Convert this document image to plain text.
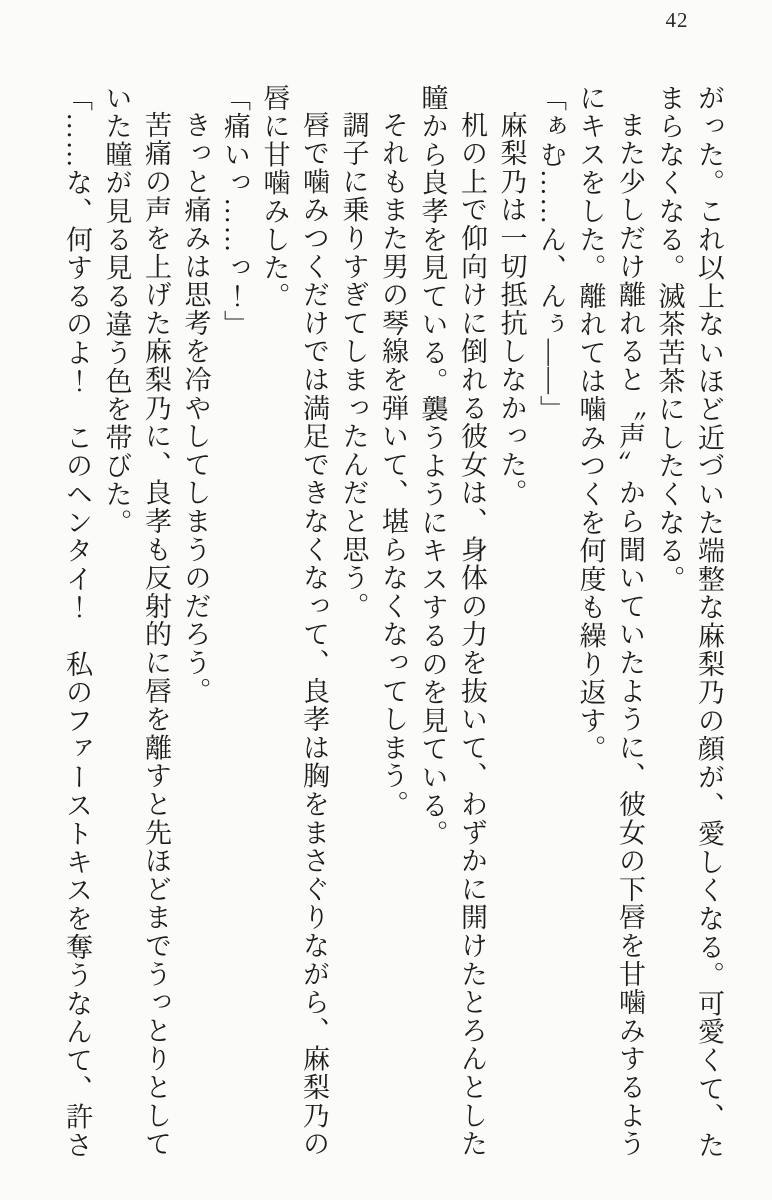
42

がった。これ以上ないほど近づいた端整な麻梨乃の顔が、愛しくなる。可愛くて、たまらなくなる。滅茶苦茶にしたくなる。

また少しだけ離れると〝声〟から聞いていたように、彼女の下唇を甘噛みするようにキスをした。離れては噛みつくを何度も繰り返す。

「ぁむ……ん、んぅ――」

麻梨乃は一切抵抗しなかった。

机の上で仰向けに倒れる彼女は、身体の力を抜いて、わずかに開けたとろんとした瞳から良孝を見ている。襲うようにキスするのを見ている。

それもまた男の琴線を弾いて、堪らなくなってしまう。

調子に乗りすぎてしまったんだと思う。

唇で噛みつくだけでは満足できなくなって、良孝は胸をまさぐりながら、麻梨乃の唇に甘噛みした。

「痛いっ……っ！」

きっと痛みは思考を冷やしてしまうのだろう。

苦痛の声を上げた麻梨乃に、良孝も反射的に唇を離すと先ほどまでうっとりとしていた瞳が見る見る違う色を帯びた。

「……な、何するのよ！　このヘンタイ！　私のファーストキスを奪うなんて、許さ
